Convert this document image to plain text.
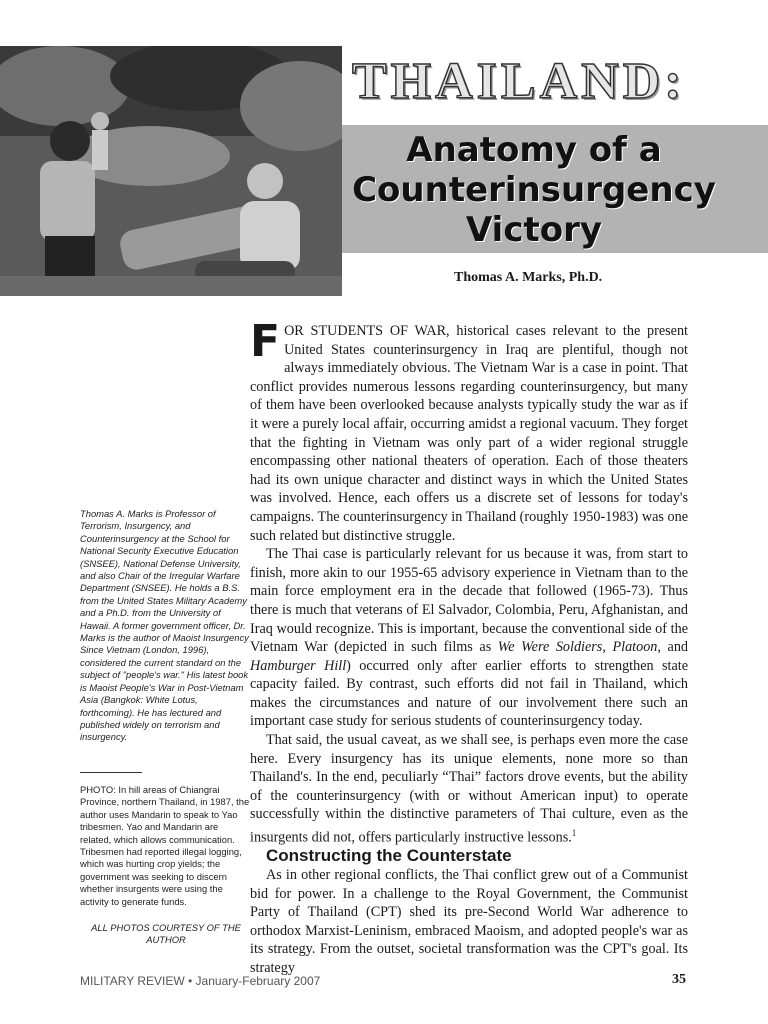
THAILAND:
Anatomy of a
Counterinsurgency
Victory

Thomas A. Marks, Ph.D.

Thomas A. Marks is Professor of Terrorism, Insurgency, and Counterinsurgency at the School for National Security Executive Education (SNSEE), National Defense University, and also Chair of the Irregular Warfare Department (SNSEE). He holds a B.S. from the United States Military Academy and a Ph.D. from the University of Hawaii. A former government officer, Dr. Marks is the author of Maoist Insurgency Since Vietnam (London, 1996), considered the current standard on the subject of "people's war." His latest book is Maoist People's War in Post-Vietnam Asia (Bangkok: White Lotus, forthcoming). He has lectured and published widely on terrorism and insurgency.

PHOTO: In hill areas of Chiangrai Province, northern Thailand, in 1987, the author uses Mandarin to speak to Yao tribesmen. Yao and Mandarin are related, which allows communication. Tribesmen had reported illegal logging, which was hurting crop yields; the government was seeking to discern whether insurgents were using the activity to generate funds.

ALL PHOTOS COURTESY OF THE AUTHOR

FOR STUDENTS OF WAR, historical cases relevant to the present United States counterinsurgency in Iraq are plentiful, though not always immediately obvious. The Vietnam War is a case in point. That conflict provides numerous lessons regarding counterinsurgency, but many of them have been overlooked because analysts typically study the war as if it were a purely local affair, occurring amidst a regional vacuum. They forget that the fighting in Vietnam was only part of a wider regional struggle encompassing other national theaters of operation. Each of those theaters had its own unique character and distinct ways in which the United States was involved. Hence, each offers us a discrete set of lessons for today's campaigns. The counterinsurgency in Thailand (roughly 1950-1983) was one such related but distinctive struggle.

The Thai case is particularly relevant for us because it was, from start to finish, more akin to our 1955-65 advisory experience in Vietnam than to the main force employment era in the decade that followed (1965-73). Thus there is much that veterans of El Salvador, Colombia, Peru, Afghanistan, and Iraq would recognize. This is important, because the conventional side of the Vietnam War (depicted in such films as We Were Soldiers, Platoon, and Hamburger Hill) occurred only after earlier efforts to strengthen state capacity failed. By contrast, such efforts did not fail in Thailand, which makes the circumstances and nature of our involvement there such an important case study for serious students of counterinsurgency today.

That said, the usual caveat, as we shall see, is perhaps even more the case here. Every insurgency has its unique elements, none more so than Thailand's. In the end, peculiarly “Thai” factors drove events, but the ability of the counterinsurgency (with or without American input) to operate successfully within the distinctive parameters of Thai culture, even as the insurgents did not, offers particularly instructive lessons.$^1$

Constructing the Counterstate

As in other regional conflicts, the Thai conflict grew out of a Communist bid for power. In a challenge to the Royal Government, the Communist Party of Thailand (CPT) shed its pre-Second World War adherence to orthodox Marxist-Leninism, embraced Maoism, and adopted people's war as its strategy. From the outset, societal transformation was the CPT's goal. Its strategy

MILITARY REVIEW • January-February 2007	35
